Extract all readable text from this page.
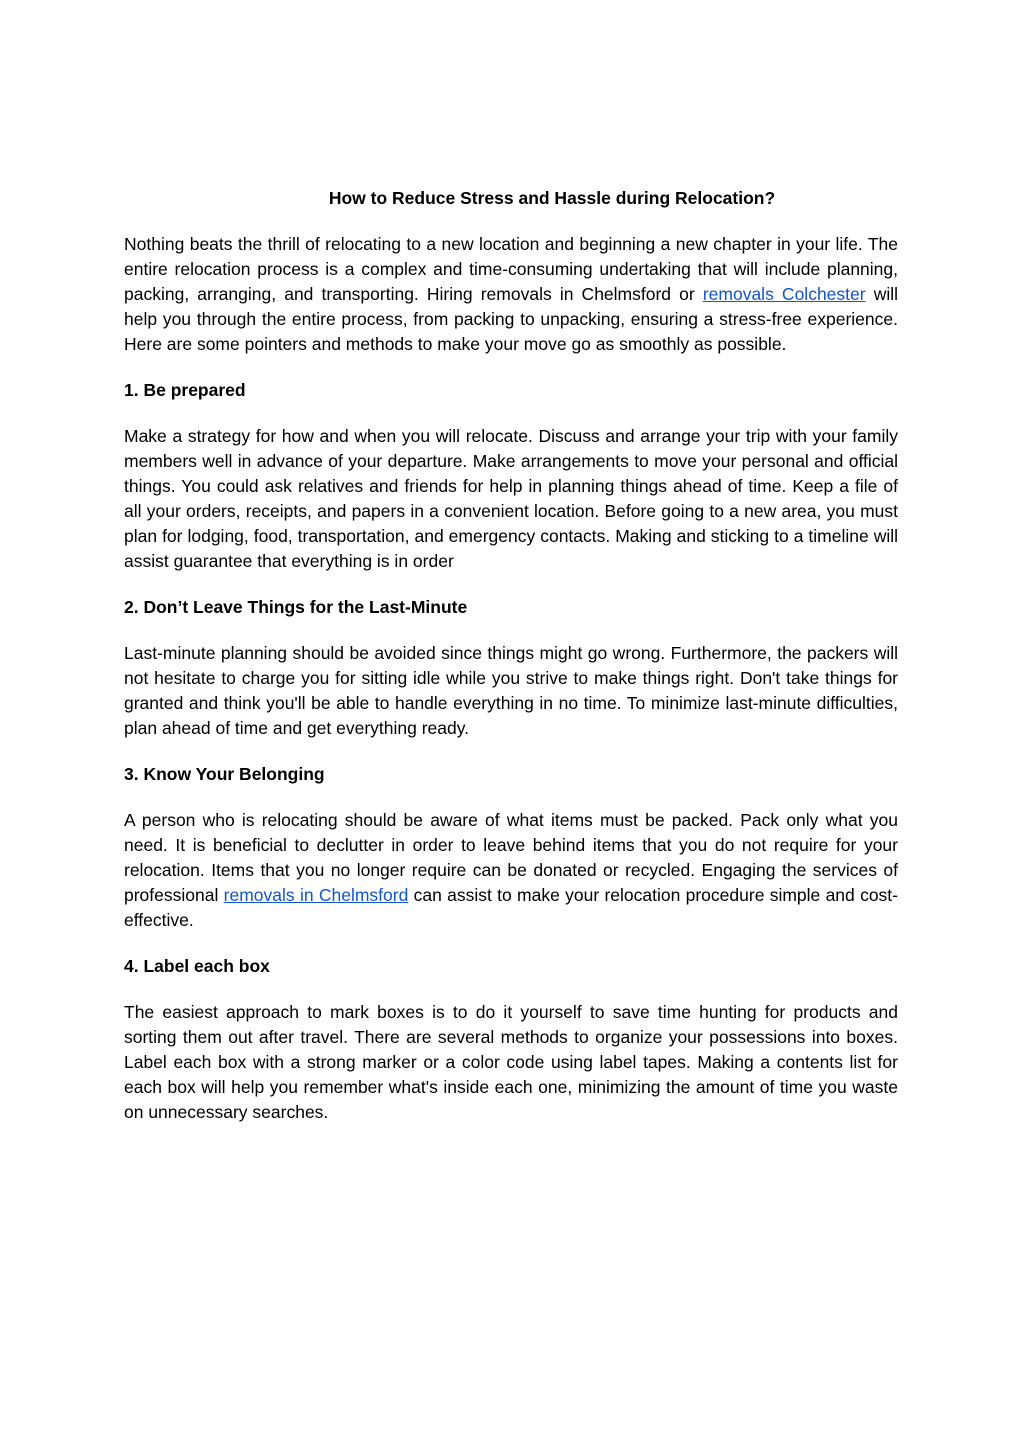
How to Reduce Stress and Hassle during Relocation?

Nothing beats the thrill of relocating to a new location and beginning a new chapter in your life. The entire relocation process is a complex and time-consuming undertaking that will include planning, packing, arranging, and transporting. Hiring removals in Chelmsford or removals Colchester will help you through the entire process, from packing to unpacking, ensuring a stress-free experience. Here are some pointers and methods to make your move go as smoothly as possible.

1. Be prepared

Make a strategy for how and when you will relocate. Discuss and arrange your trip with your family members well in advance of your departure. Make arrangements to move your personal and official things. You could ask relatives and friends for help in planning things ahead of time. Keep a file of all your orders, receipts, and papers in a convenient location. Before going to a new area, you must plan for lodging, food, transportation, and emergency contacts. Making and sticking to a timeline will assist guarantee that everything is in order

2. Don’t Leave Things for the Last-Minute

Last-minute planning should be avoided since things might go wrong. Furthermore, the packers will not hesitate to charge you for sitting idle while you strive to make things right. Don't take things for granted and think you'll be able to handle everything in no time. To minimize last-minute difficulties, plan ahead of time and get everything ready.

3. Know Your Belonging

A person who is relocating should be aware of what items must be packed. Pack only what you need. It is beneficial to declutter in order to leave behind items that you do not require for your relocation. Items that you no longer require can be donated or recycled. Engaging the services of professional removals in Chelmsford can assist to make your relocation procedure simple and cost-effective.

4. Label each box

The easiest approach to mark boxes is to do it yourself to save time hunting for products and sorting them out after travel. There are several methods to organize your possessions into boxes. Label each box with a strong marker or a color code using label tapes. Making a contents list for each box will help you remember what's inside each one, minimizing the amount of time you waste on unnecessary searches.
